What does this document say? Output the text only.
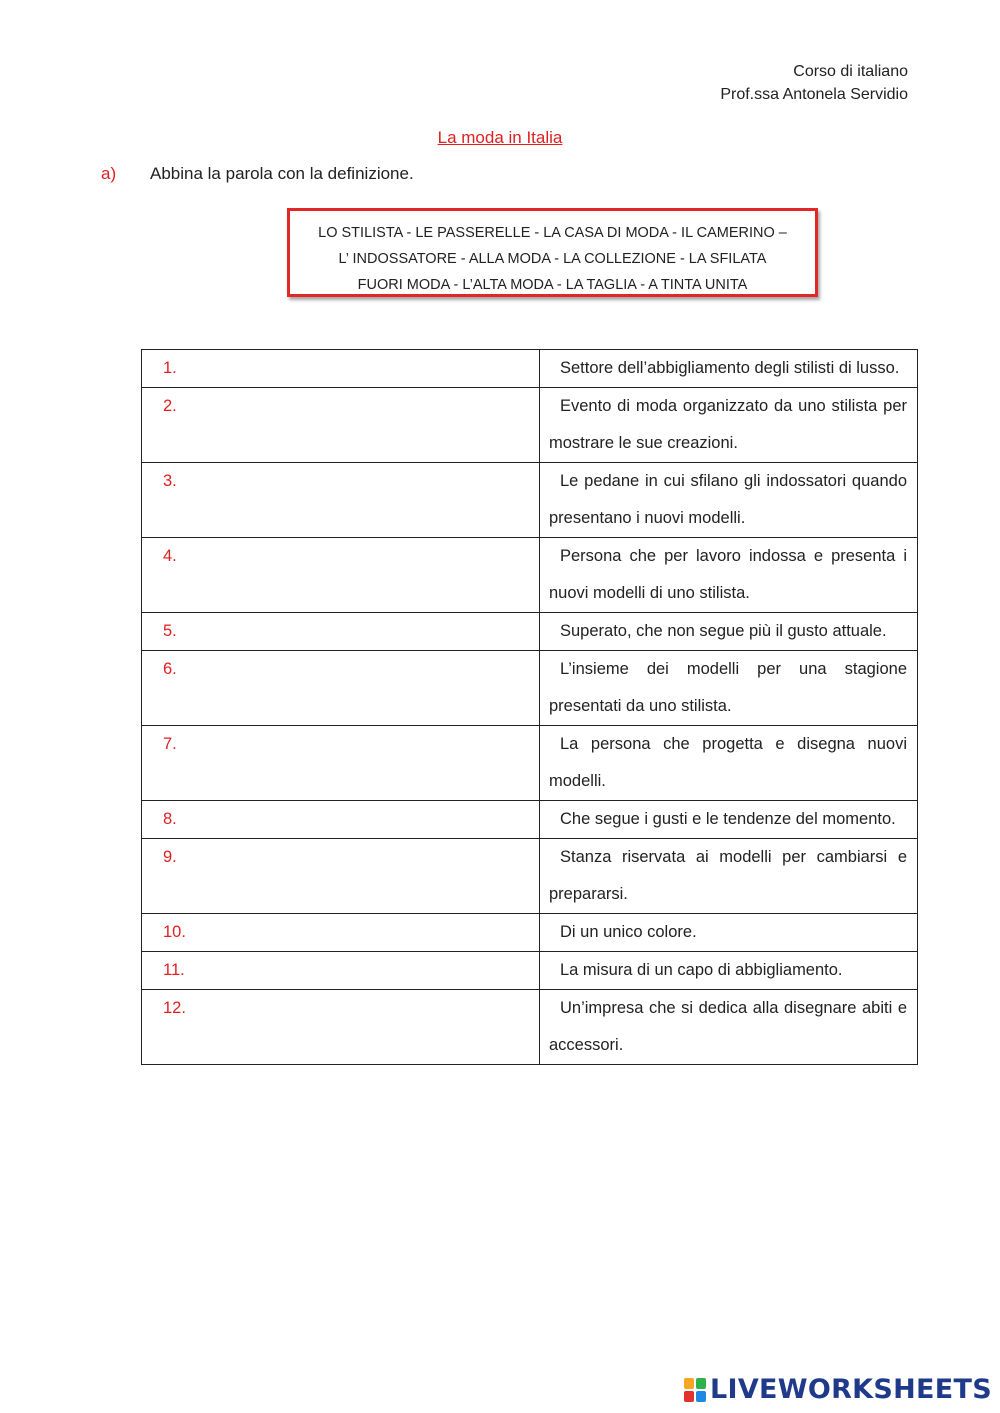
Corso di italiano
Prof.ssa Antonela Servidio
La moda in Italia
a) Abbina la parola con la definizione.
LO STILISTA - LE PASSERELLE - LA CASA DI MODA - IL CAMERINO –
L’ INDOSSATORE - ALLA MODA - LA COLLEZIONE - LA SFILATA
FUORI MODA - L’ALTA MODA - LA TAGLIA - A TINTA UNITA
1.	Settore dell’abbigliamento degli stilisti di lusso.
2.	Evento di moda organizzato da uno stilista per mostrare le sue creazioni.
3.	Le pedane in cui sfilano gli indossatori quando presentano i nuovi modelli.
4.	Persona che per lavoro indossa e presenta i nuovi modelli di uno stilista.
5.	Superato, che non segue più il gusto attuale.
6.	L’insieme dei modelli per una stagione presentati da uno stilista.
7.	La persona che progetta e disegna nuovi modelli.
8.	Che segue i gusti e le tendenze del momento.
9.	Stanza riservata ai modelli per cambiarsi e prepararsi.
10.	Di un unico colore.
11.	La misura di un capo di abbigliamento.
12.	Un’impresa che si dedica alla disegnare abiti e accessori.
LIVEWORKSHEETS
